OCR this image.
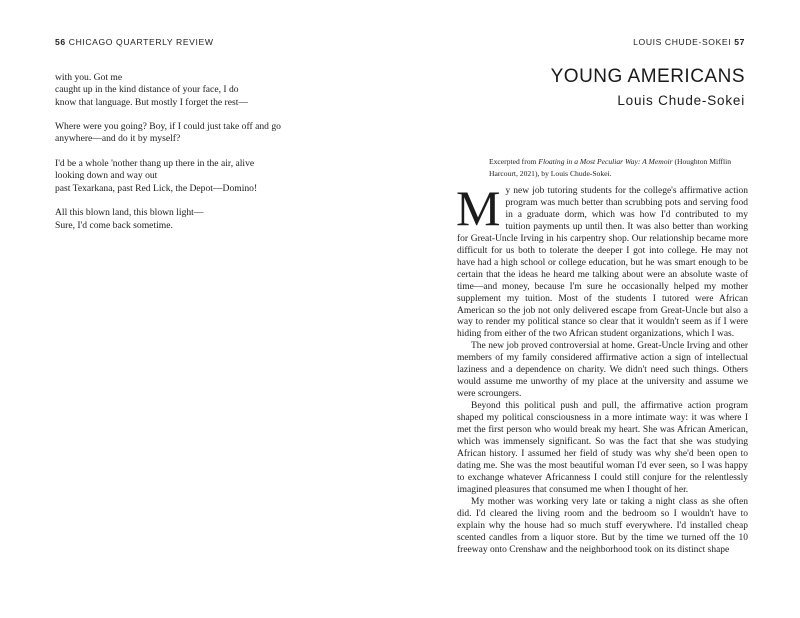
56 CHICAGO QUARTERLY REVIEW
with you. Got me
caught up in the kind distance of your face, I do
know that language. But mostly I forget the rest—
Where were you going? Boy, if I could just take off and go
anywhere—and do it by myself?
I'd be a whole 'nother thang up there in the air, alive
looking down and way out
past Texarkana, past Red Lick, the Depot—Domino!
All this blown land, this blown light—
Sure, I'd come back sometime.
LOUIS CHUDE-SOKEI 57
YOUNG AMERICANS
Louis Chude-Sokei
Excerpted from Floating in a Most Peculiar Way: A Memoir (Houghton Mifflin Harcourt, 2021), by Louis Chude-Sokei.

My new job tutoring students for the college's affirmative action program was much better than scrubbing pots and serving food in a graduate dorm, which was how I'd contributed to my tuition payments up until then. It was also better than working for Great-Uncle Irving in his carpentry shop. Our relationship became more difficult for us both to tolerate the deeper I got into college. He may not have had a high school or college education, but he was smart enough to be certain that the ideas he heard me talking about were an absolute waste of time—and money, because I'm sure he occasionally helped my mother supplement my tuition. Most of the students I tutored were African American so the job not only delivered escape from Great-Uncle but also a way to render my political stance so clear that it wouldn't seem as if I were hiding from either of the two African student organizations, which I was.

The new job proved controversial at home. Great-Uncle Irving and other members of my family considered affirmative action a sign of intellectual laziness and a dependence on charity. We didn't need such things. Others would assume me unworthy of my place at the university and assume we were scroungers.

Beyond this political push and pull, the affirmative action program shaped my political consciousness in a more intimate way: it was where I met the first person who would break my heart. She was African American, which was immensely significant. So was the fact that she was studying African history. I assumed her field of study was why she'd been open to dating me. She was the most beautiful woman I'd ever seen, so I was happy to exchange whatever Africanness I could still conjure for the relentlessly imagined pleasures that consumed me when I thought of her.

My mother was working very late or taking a night class as she often did. I'd cleared the living room and the bedroom so I wouldn't have to explain why the house had so much stuff everywhere. I'd installed cheap scented candles from a liquor store. But by the time we turned off the 10 freeway onto Crenshaw and the neighborhood took on its distinct shape
